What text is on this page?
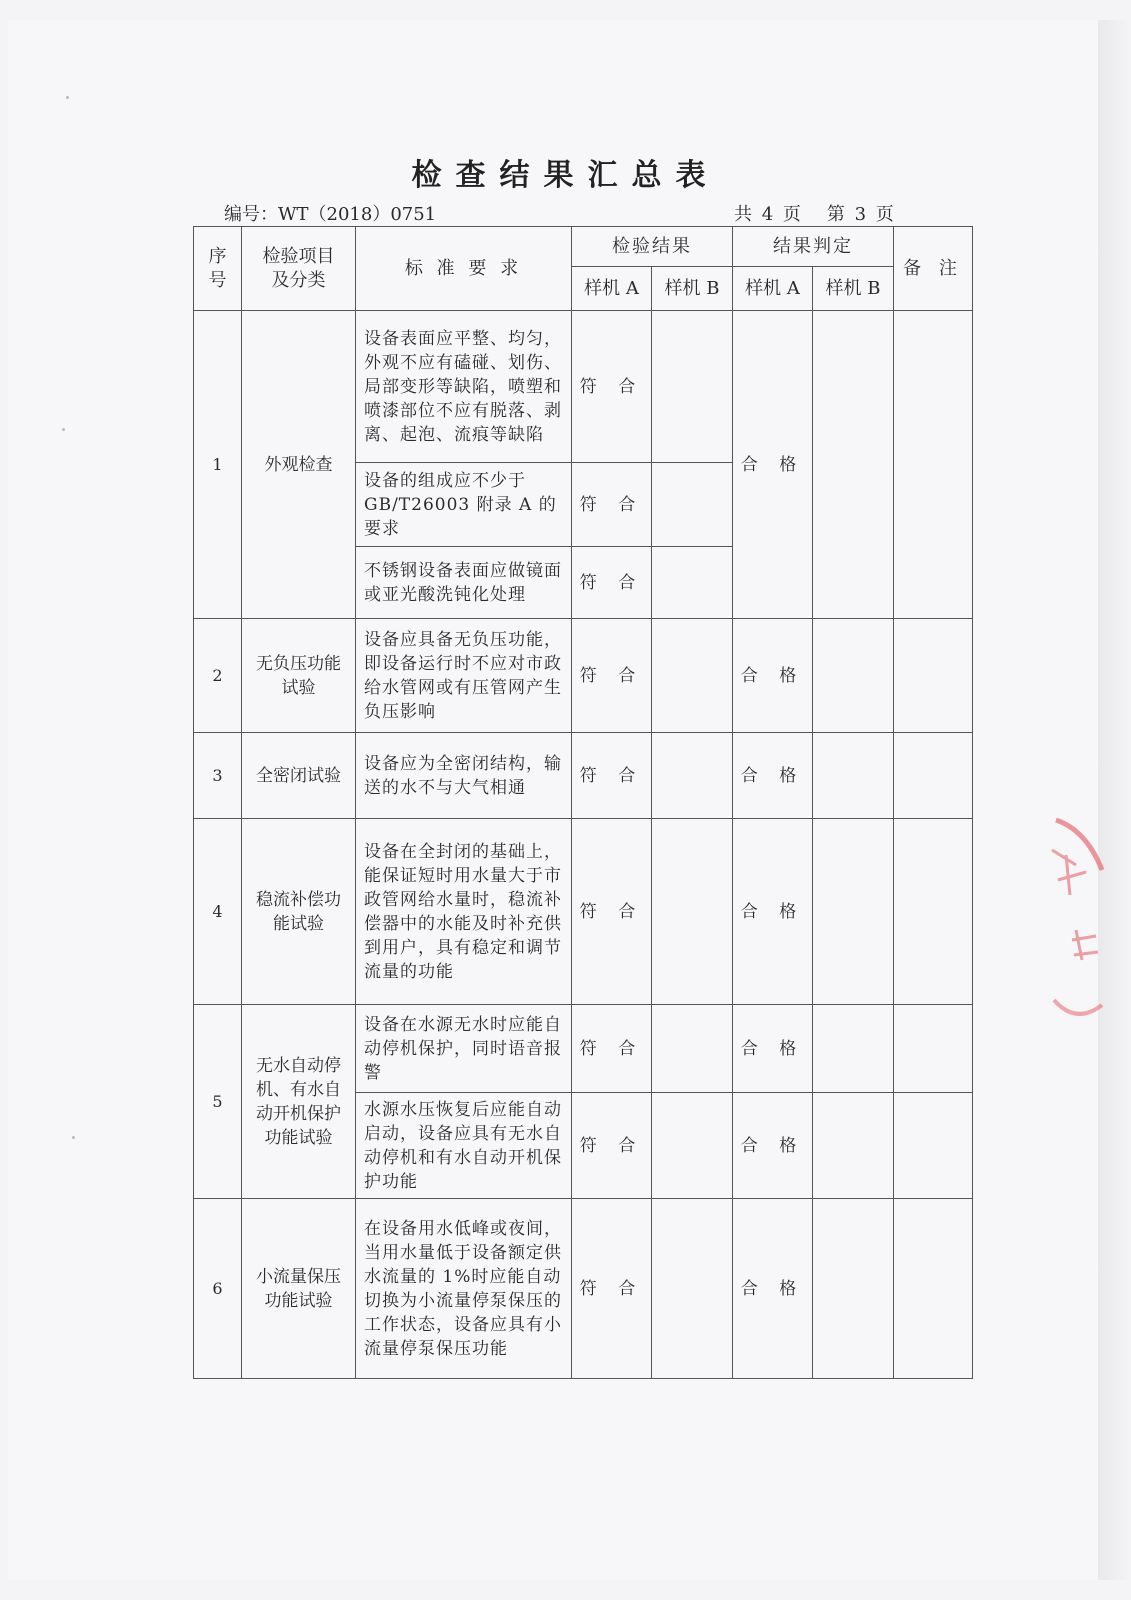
检查结果汇总表
编号：WT（2018）0751	共 4 页 第 3 页
序号	检验项目及分类	标 准 要 求	检验结果		结果判定		备 注
			样机 A	样机 B	样机 A	样机 B	
1	外观检查	设备表面应平整、均匀，外观不应有磕碰、划伤、局部变形等缺陷，喷塑和喷漆部位不应有脱落、剥离、起泡、流痕等缺陷	符 合		合 格		
		设备的组成应不少于GB/T26003 附录 A 的要求	符 合				
		不锈钢设备表面应做镜面或亚光酸洗钝化处理	符 合				
2	无负压功能试验	设备应具备无负压功能，即设备运行时不应对市政给水管网或有压管网产生负压影响	符 合		合 格		
3	全密闭试验	设备应为全密闭结构，输送的水不与大气相通	符 合		合 格		
4	稳流补偿功能试验	设备在全封闭的基础上，能保证短时用水量大于市政管网给水量时，稳流补偿器中的水能及时补充供到用户，具有稳定和调节流量的功能	符 合		合 格		
5	无水自动停机、有水自动开机保护功能试验	设备在水源无水时应能自动停机保护，同时语音报警	符 合		合 格		
		水源水压恢复后应能自动启动，设备应具有无水自动停机和有水自动开机保护功能	符 合		合 格		
6	小流量保压功能试验	在设备用水低峰或夜间，当用水量低于设备额定供水流量的 1%时应能自动切换为小流量停泵保压的工作状态，设备应具有小流量停泵保压功能	符 合		合 格		
